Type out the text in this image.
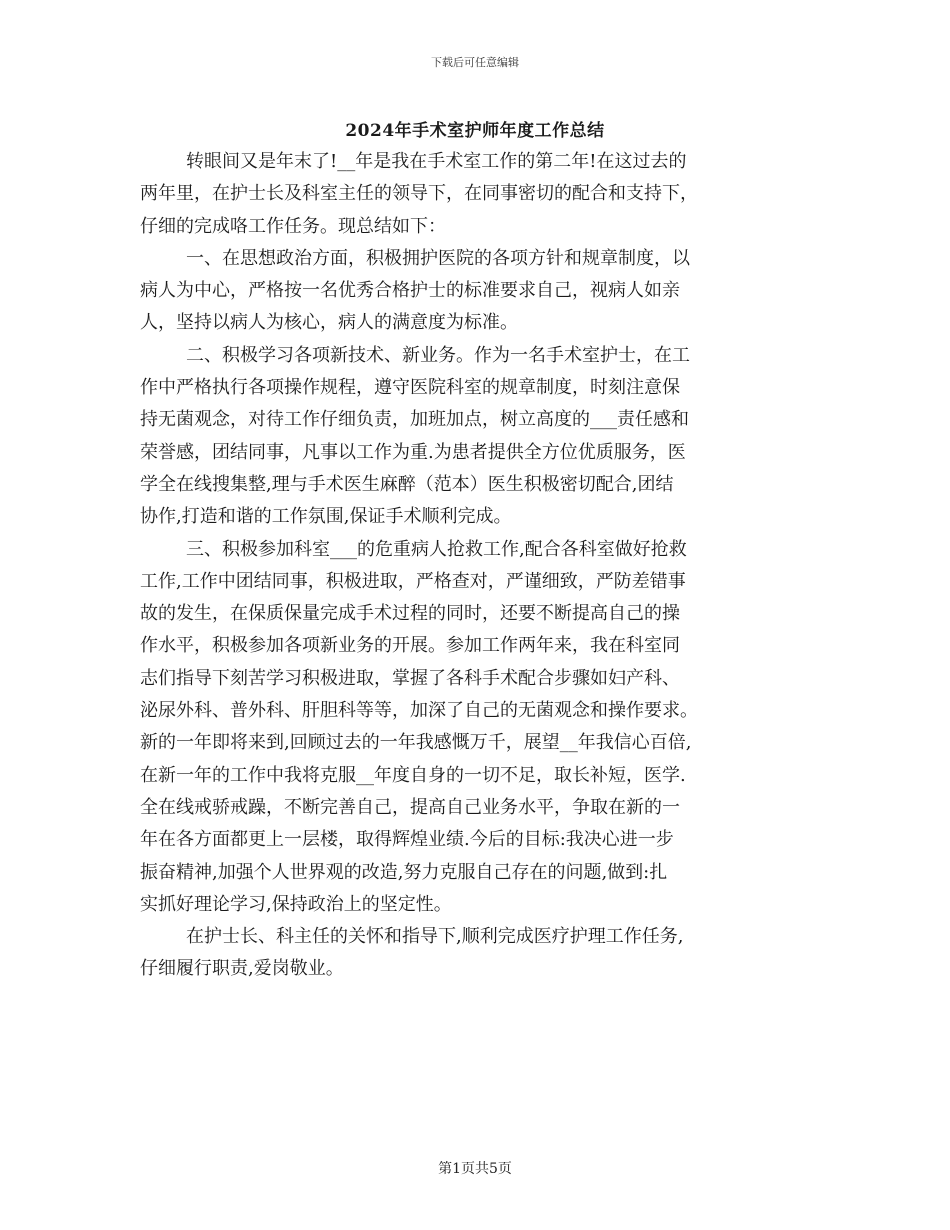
下载后可任意编辑
2024年手术室护师年度工作总结
转眼间又是年末了!__年是我在手术室工作的第二年!在这过去的
两年里，在护士长及科室主任的领导下，在同事密切的配合和支持下，
仔细的完成咯工作任务。现总结如下：
一、在思想政治方面，积极拥护医院的各项方针和规章制度，以
病人为中心，严格按一名优秀合格护士的标准要求自己，视病人如亲
人，坚持以病人为核心，病人的满意度为标准。
二、积极学习各项新技术、新业务。作为一名手术室护士，在工
作中严格执行各项操作规程，遵守医院科室的规章制度，时刻注意保
持无菌观念，对待工作仔细负责，加班加点，树立高度的___责任感和
荣誉感，团结同事，凡事以工作为重.为患者提供全方位优质服务，医
学全在线搜集整,理与手术医生麻醉（范本）医生积极密切配合,团结
协作,打造和谐的工作氛围,保证手术顺利完成。
三、积极参加科室___的危重病人抢救工作,配合各科室做好抢救
工作,工作中团结同事，积极进取，严格查对，严谨细致，严防差错事
故的发生，在保质保量完成手术过程的同时，还要不断提高自己的操
作水平，积极参加各项新业务的开展。参加工作两年来，我在科室同
志们指导下刻苦学习积极进取，掌握了各科手术配合步骤如妇产科、
泌尿外科、普外科、肝胆科等等，加深了自己的无菌观念和操作要求。
新的一年即将来到,回顾过去的一年我感慨万千，展望__年我信心百倍,
在新一年的工作中我将克服__年度自身的一切不足，取长补短，医学.
全在线戒骄戒躁，不断完善自己，提高自己业务水平，争取在新的一
年在各方面都更上一层楼，取得辉煌业绩.今后的目标:我决心进一步
振奋精神,加强个人世界观的改造,努力克服自己存在的问题,做到:扎
实抓好理论学习,保持政治上的坚定性。
在护士长、科主任的关怀和指导下,顺利完成医疗护理工作任务,
仔细履行职责,爱岗敬业。
第1页共5页
